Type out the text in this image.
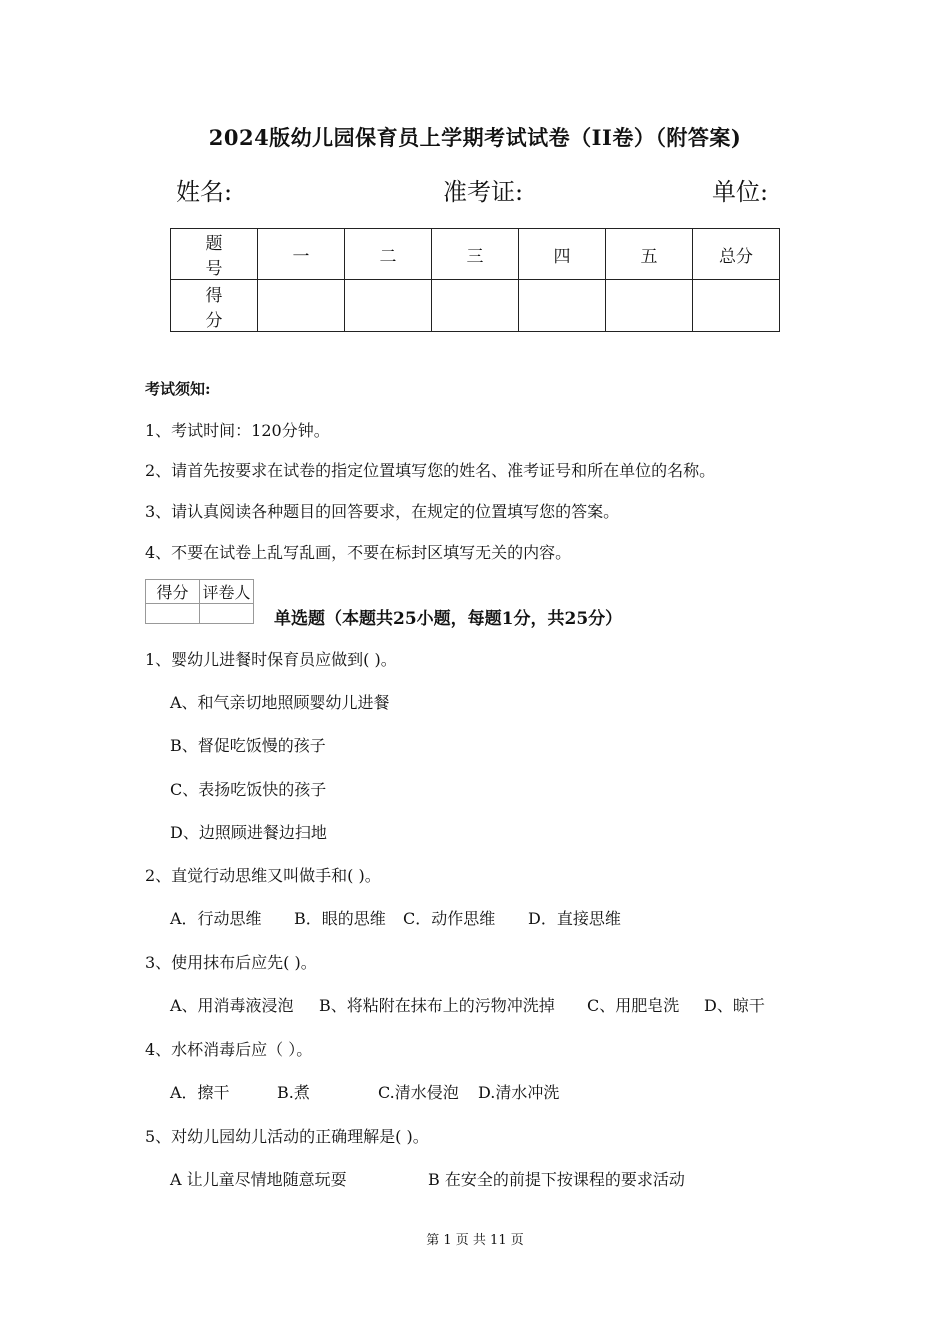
2024版幼儿园保育员上学期考试试卷（II卷）（附答案)
姓名:	准考证:	单位:
题 号	一	二	三	四	五	总分
得 分						
考试须知:
1、考试时间：120分钟。
2、请首先按要求在试卷的指定位置填写您的姓名、准考证号和所在单位的名称。
3、请认真阅读各种题目的回答要求，在规定的位置填写您的答案。
4、不要在试卷上乱写乱画，不要在标封区填写无关的内容。
得分	评卷人

单选题（本题共25小题，每题1分，共25分）
1、婴幼儿进餐时保育员应做到( )。
A、和气亲切地照顾婴幼儿进餐
B、督促吃饭慢的孩子
C、表扬吃饭快的孩子
D、边照顾进餐边扫地
2、直觉行动思维又叫做手和( )。
A．行动思维 B．眼的思维 C．动作思维 D．直接思维
3、使用抹布后应先( )。
A、用消毒液浸泡 B、将粘附在抹布上的污物冲洗掉 C、用肥皂洗 D、晾干
4、水杯消毒后应（ ）。
A．擦干	B.煮	C.清水侵泡 D.清水冲洗
5、对幼儿园幼儿活动的正确理解是( )。
A 让儿童尽情地随意玩耍	B 在安全的前提下按课程的要求活动
第 1 页 共 11 页
